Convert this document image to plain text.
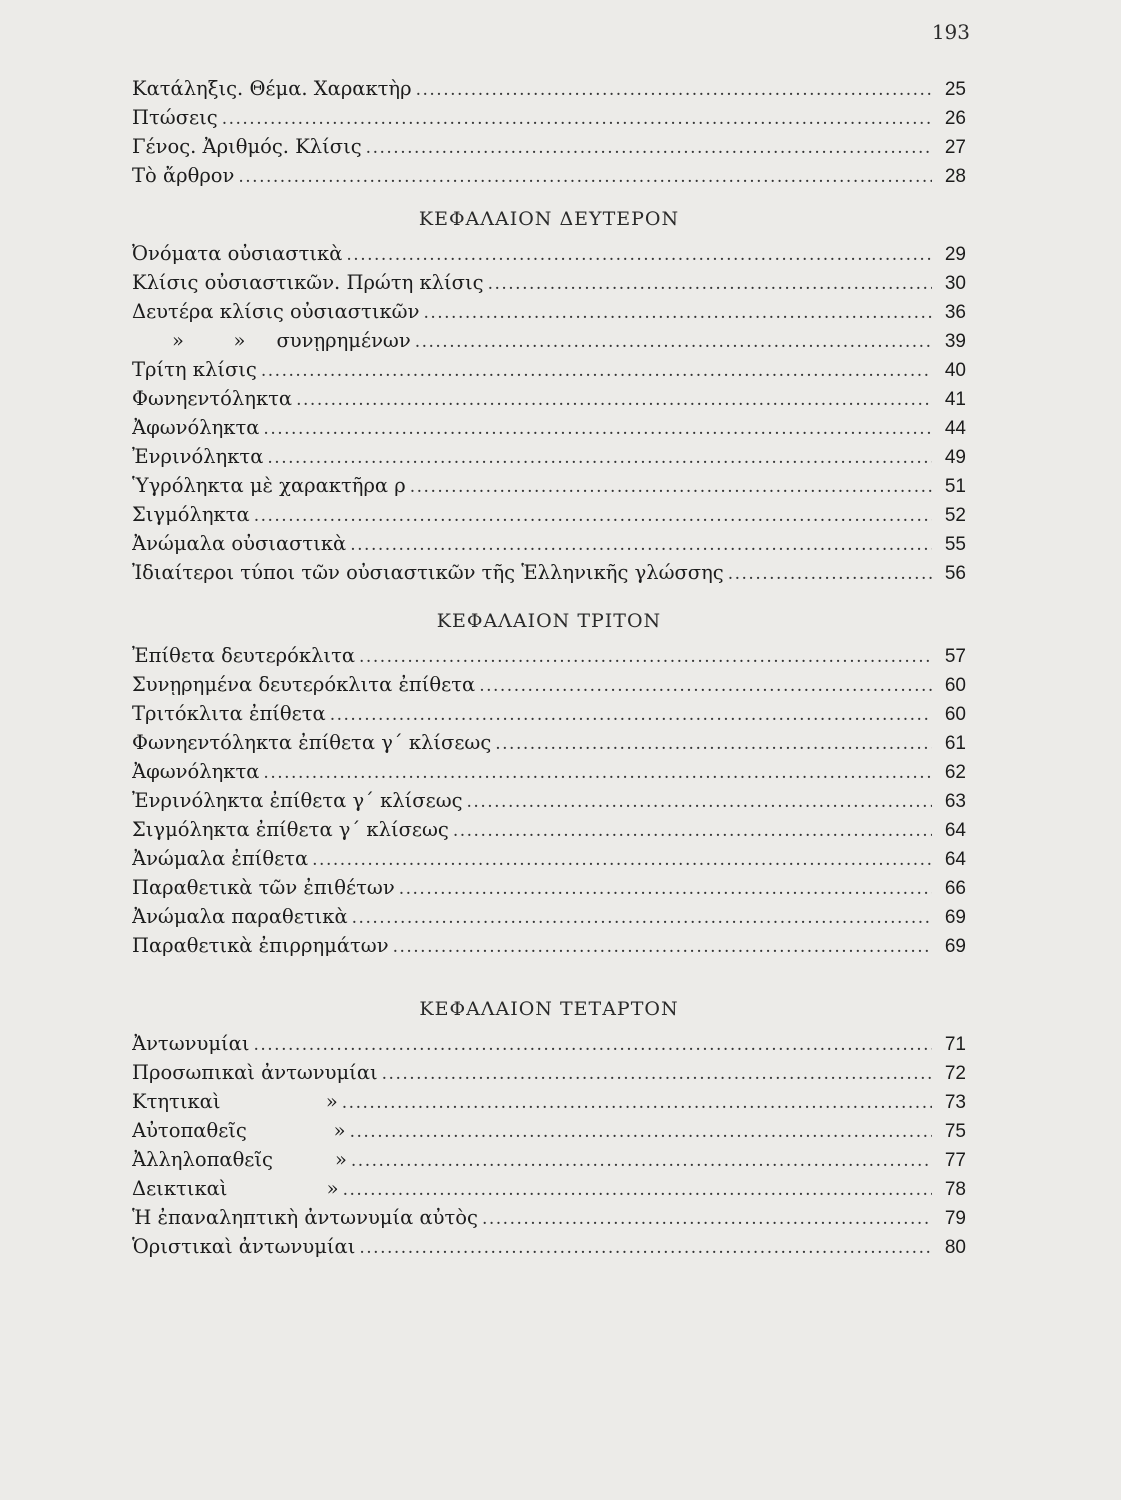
193
Κατάληξις. Θέμα. Χαρακτὴρ .....	25
Πτώσεις .....	26
Γένος. Ἀριθμός. Κλίσις .....	27
Τὸ ἄρθρον .....	28
ΚΕΦΑΛΑΙΟΝ ΔΕΥΤΕΡΟΝ
Ὀνόματα οὐσιαστικὰ .....	29
Κλίσις οὐσιαστικῶν. Πρώτη κλίσις .....	30
Δευτέρα κλίσις οὐσιαστικῶν .....	36
»        »     συνῃρημένων .....	39
Τρίτη κλίσις .....	40
Φωνηεντόληκτα .....	41
Ἀφωνόληκτα .....	44
Ἐνρινόληκτα .....	49
Ὑγρόληκτα μὲ χαρακτῆρα ρ .....	51
Σιγμόληκτα .....	52
Ἀνώμαλα οὐσιαστικὰ .....	55
Ἰδιαίτεροι τύποι τῶν οὐσιαστικῶν τῆς Ἑλληνικῆς γλώσσης .....	56
ΚΕΦΑΛΑΙΟΝ ΤΡΙΤΟΝ
Ἐπίθετα δευτερόκλιτα .....	57
Συνῃρημένα δευτερόκλιτα ἐπίθετα .....	60
Τριτόκλιτα ἐπίθετα .....	60
Φωνηεντόληκτα ἐπίθετα γ΄ κλίσεως .....	61
Ἀφωνόληκτα .....	62
Ἐνρινόληκτα ἐπίθετα γ΄ κλίσεως .....	63
Σιγμόληκτα ἐπίθετα γ΄ κλίσεως .....	64
Ἀνώμαλα ἐπίθετα .....	64
Παραθετικὰ τῶν ἐπιθέτων .....	66
Ἀνώμαλα παραθετικὰ .....	69
Παραθετικὰ ἐπιρρημάτων .....	69
ΚΕΦΑΛΑΙΟΝ ΤΕΤΑΡΤΟΝ
Ἀντωνυμίαι .....	71
Προσωπικαὶ ἀντωνυμίαι .....	72
Κτητικαὶ                 » .....	73
Αὐτοπαθεῖς              » .....	75
Ἀλληλοπαθεῖς          » .....	77
Δεικτικαὶ                » .....	78
Ἡ ἐπαναληπτικὴ ἀντωνυμία αὐτὸς .....	79
Ὁριστικαὶ ἀντωνυμίαι .....	80
